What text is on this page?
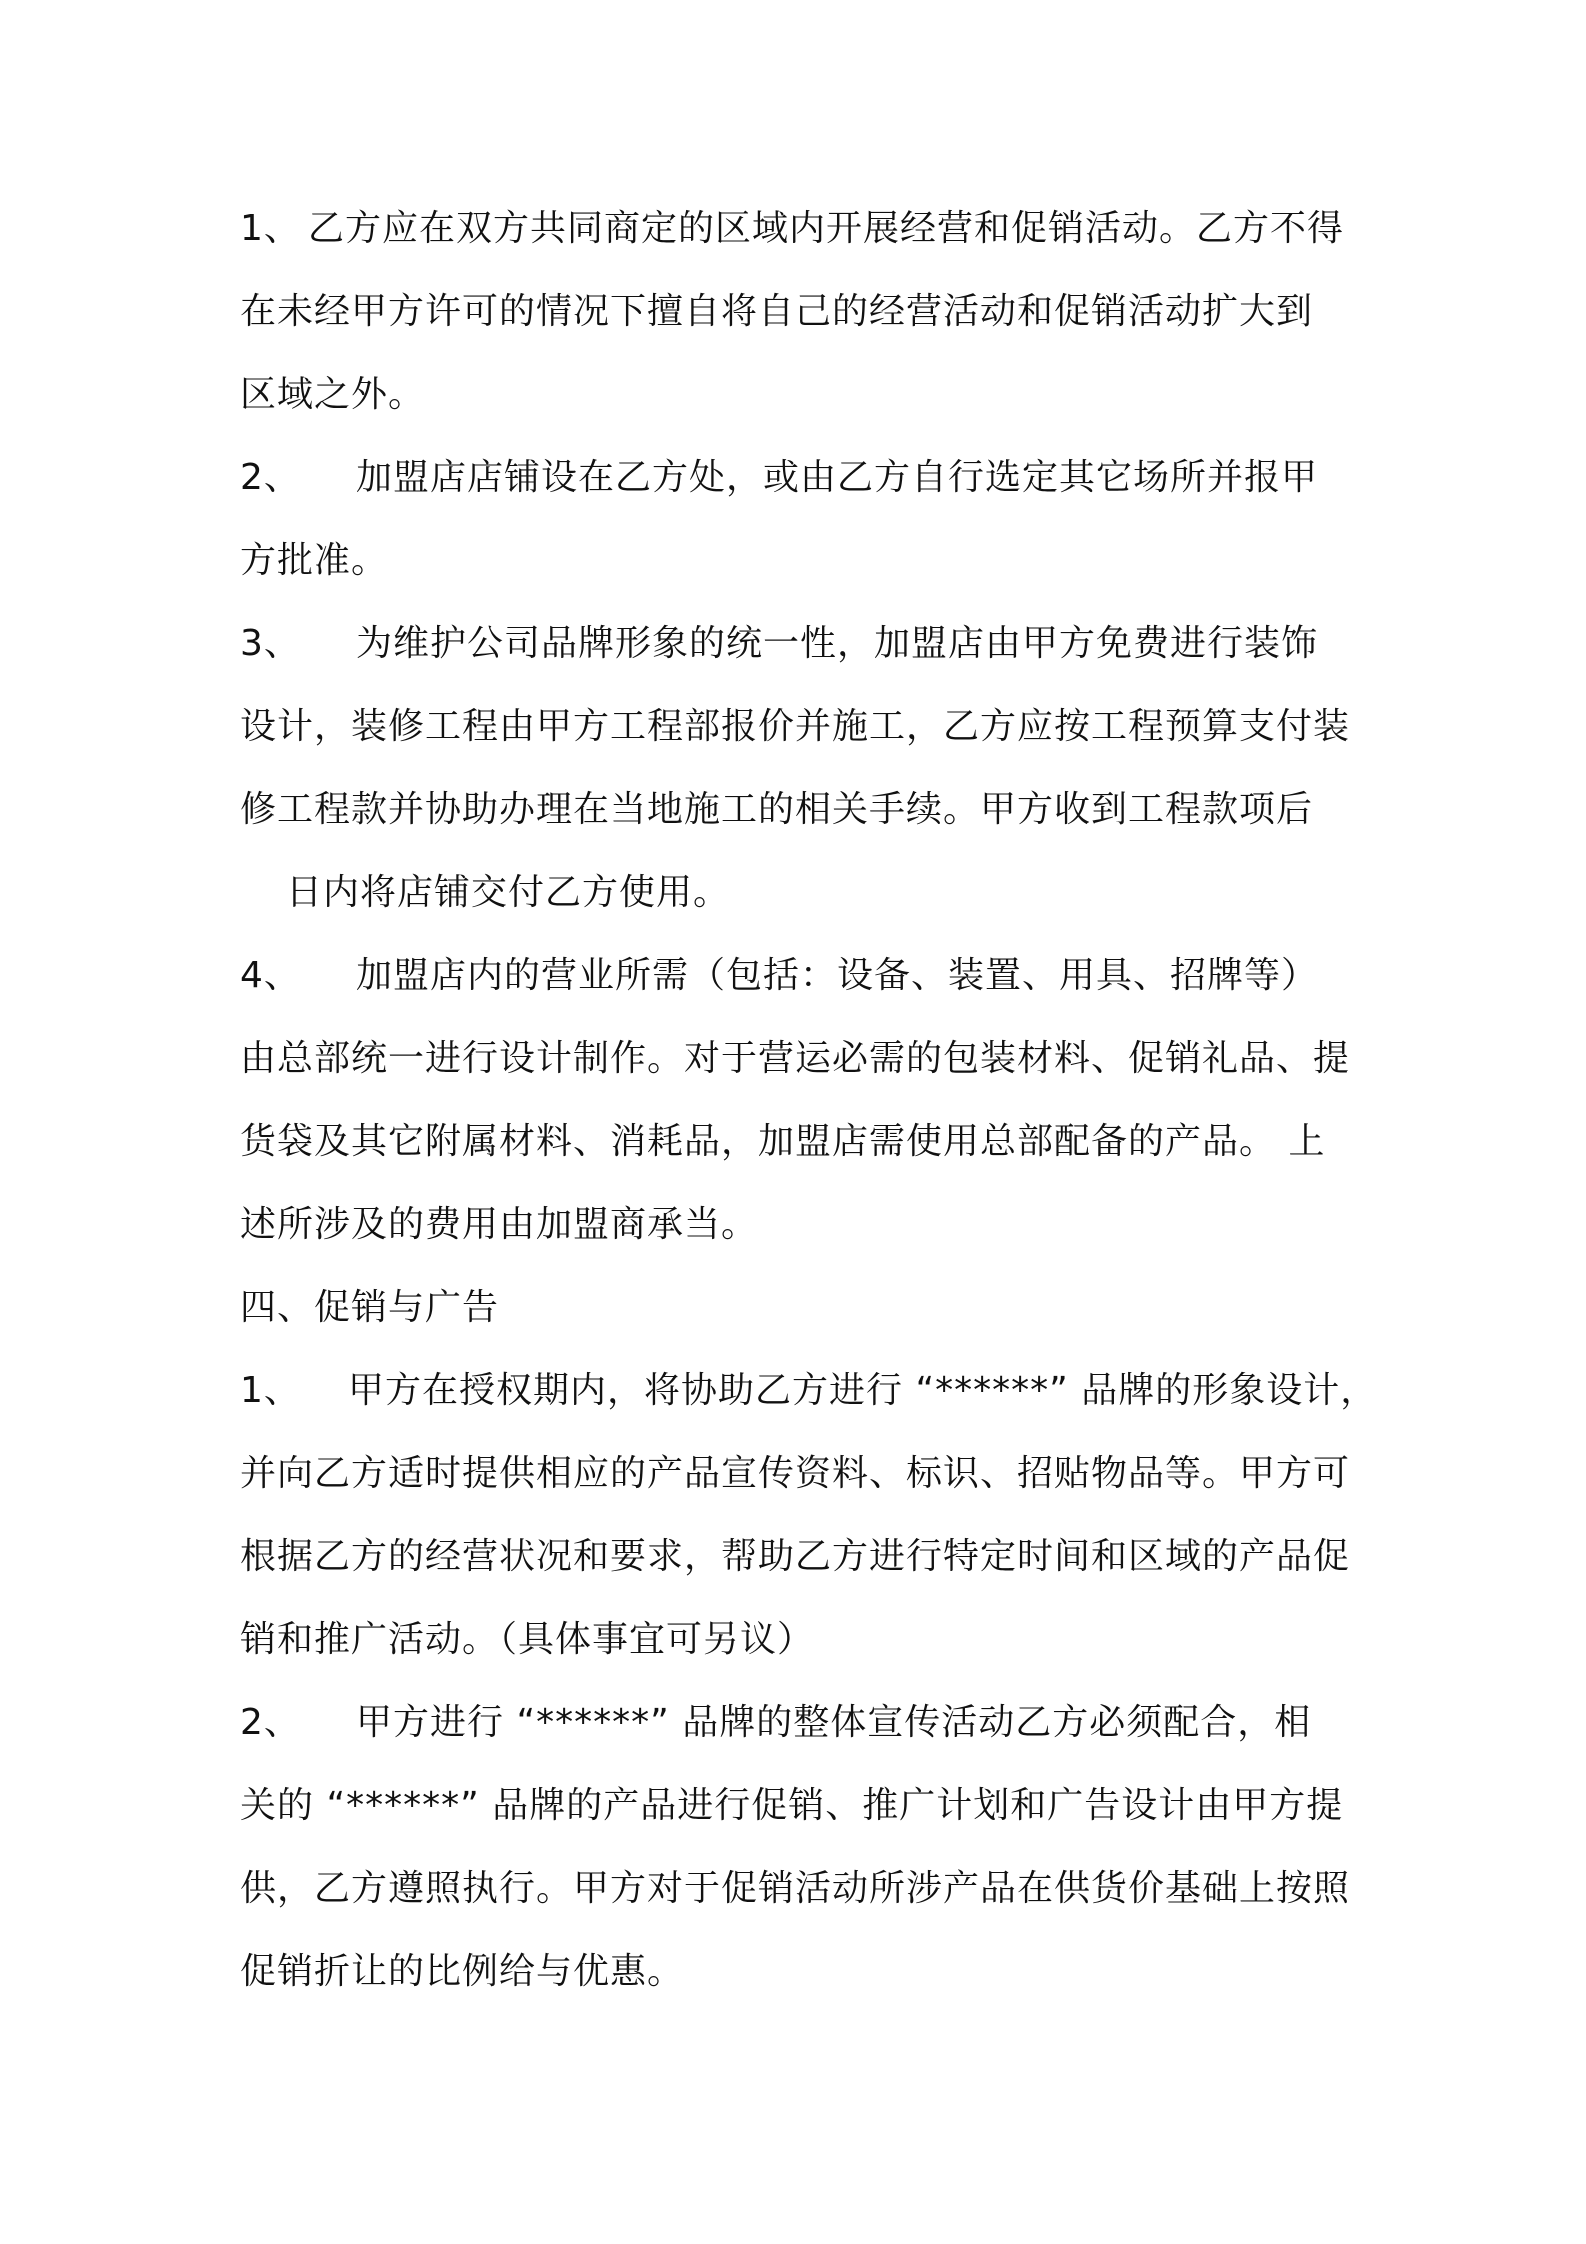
1、 乙方应在双方共同商定的区域内开展经营和促销活动。乙方不得
在未经甲方许可的情况下擅自将自己的经营活动和促销活动扩大到
区域之外。
2、 加盟店店铺设在乙方处，或由乙方自行选定其它场所并报甲
方批准。
3、 为维护公司品牌形象的统一性，加盟店由甲方免费进行装饰
设计，装修工程由甲方工程部报价并施工，乙方应按工程预算支付装
修工程款并协助办理在当地施工的相关手续。甲方收到工程款项后
日内将店铺交付乙方使用。
4、 加盟店内的营业所需（包括：设备、装置、用具、招牌等）
由总部统一进行设计制作。对于营运必需的包装材料、促销礼品、提
货袋及其它附属材料、消耗品，加盟店需使用总部配备的产品。 上
述所涉及的费用由加盟商承当。
四、促销与广告
1、 甲方在授权期内，将协助乙方进行 “******” 品牌的形象设计，
并向乙方适时提供相应的产品宣传资料、标识、招贴物品等。甲方可
根据乙方的经营状况和要求，帮助乙方进行特定时间和区域的产品促
销和推广活动。（具体事宜可另议）
2、 甲方进行 “******” 品牌的整体宣传活动乙方必须配合，相
关的 “******” 品牌的产品进行促销、推广计划和广告设计由甲方提
供，乙方遵照执行。甲方对于促销活动所涉产品在供货价基础上按照
促销折让的比例给与优惠。
